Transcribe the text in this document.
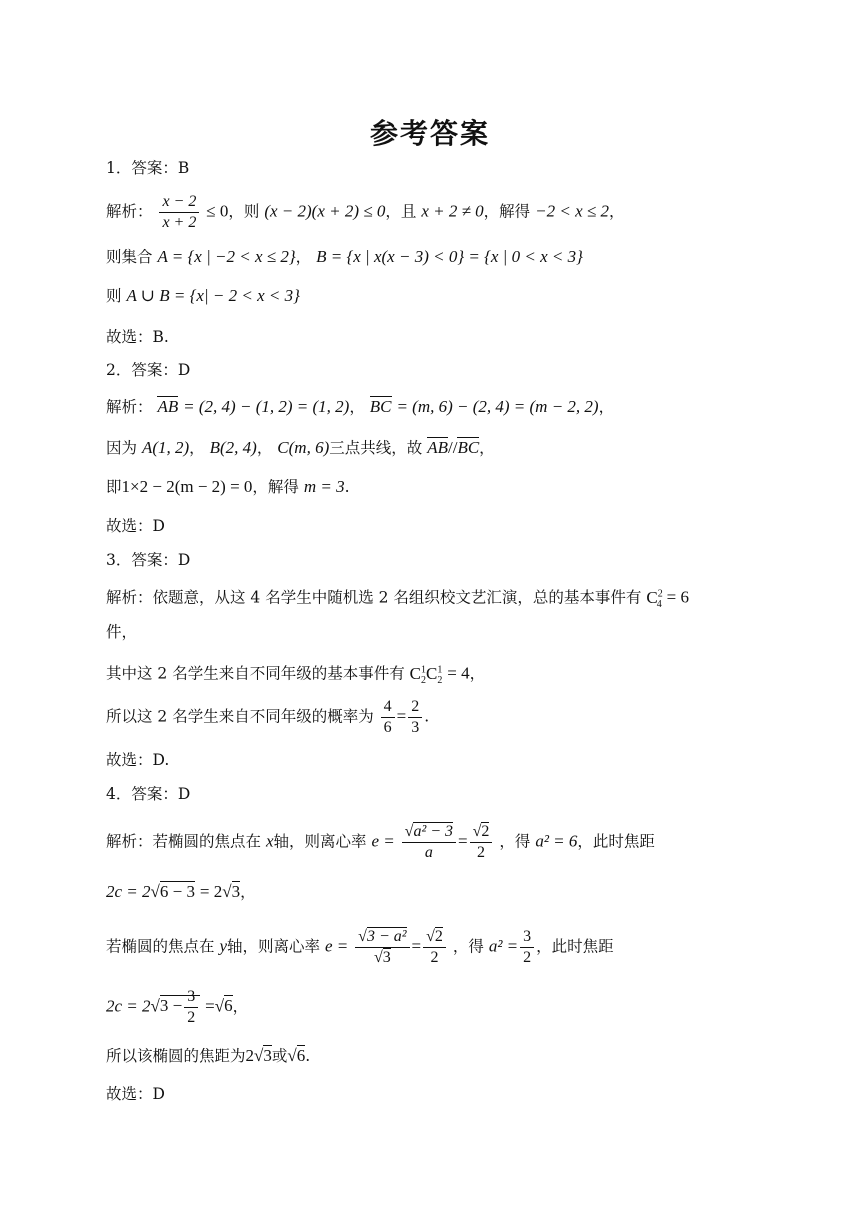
参考答案
1．答案：B
解析： $\frac{x - 2}{x + 2} \le 0$，则 (x − 2)(x + 2) ≤ 0，且 x + 2 ≠ 0，解得 −2 < x ≤ 2，
则集合 A = {x | −2 < x ≤ 2}， B = {x | x(x − 3) < 0} = {x | 0 < x < 3}
则 A ∪ B = {x| − 2 < x < 3}
故选：B.
2．答案：D
解析： AB = (2, 4) − (1, 2) = (1, 2)， BC = (m, 6) − (2, 4) = (m − 2, 2)，
因为 A(1, 2)， B(2, 4)， C(m, 6)三点共线，故 AB//BC，
即1×2 − 2(m − 2) = 0，解得 m = 3.
故选：D
3．答案：D
解析：依题意，从这 4 名学生中随机选 2 名组织校文艺汇演，总的基本事件有 $C^2_4 = 6$
件，
其中这 2 名学生来自不同年级的基本事件有 $C^1_2C^1_2 = 4$，
所以这 2 名学生来自不同年级的概率为 $\frac{4}{6} = \frac{2}{3}$ .
故选：D.
4．答案：D
解析：若椭圆的焦点在 x轴，则离心率 $e = \frac{\text{√a² − 3}}{a} = \frac{√2}{2}$ ，得 a² = 6，此时焦距
2c = 2√6 − 3 = 2√3，
若椭圆的焦点在 y轴，则离心率 $e = \frac{\text{√3 − a²}}{√3} = \frac{√2}{2}$ ，得 $a^2 = \frac{3}{2}$ ，此时焦距
$2c = 2√3 - \frac{3}{2} =√6$，
所以该椭圆的焦距为2√3或√6.
故选：D
